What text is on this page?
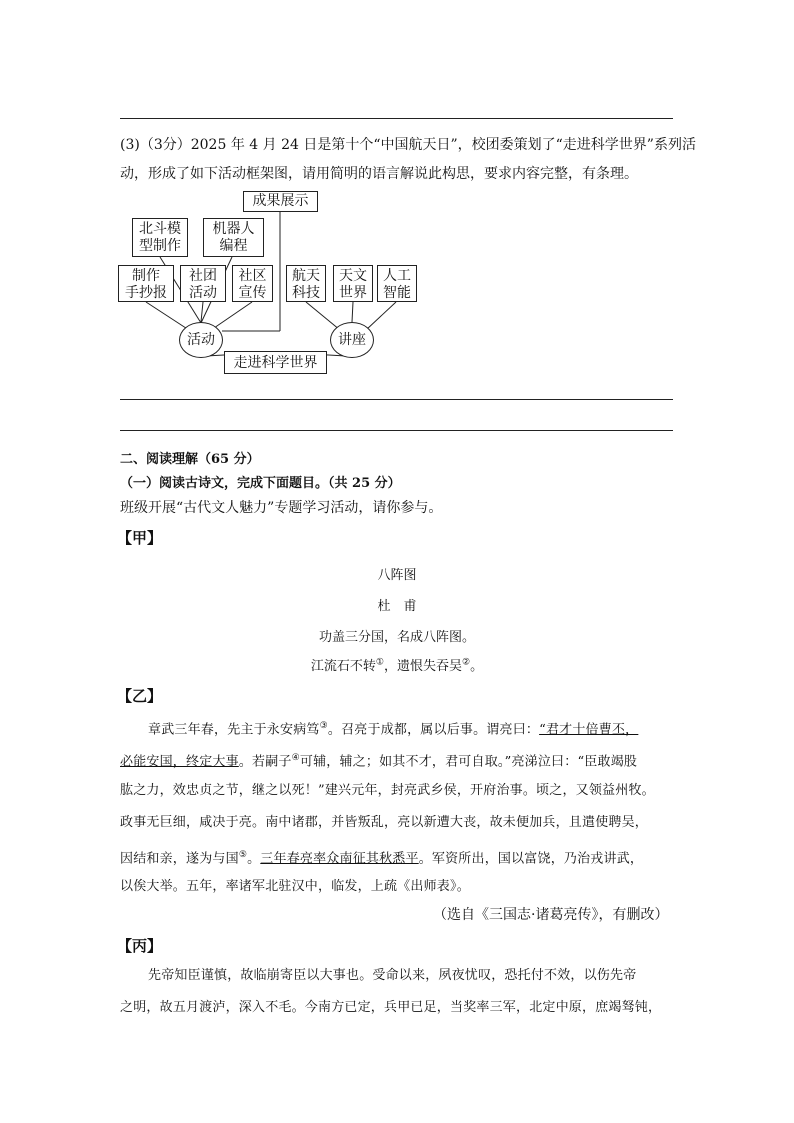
(3)（3分）2025 年 4 月 24 日是第十个“中国航天日”，校团委策划了“走进科学世界”系列活
动，形成了如下活动框架图，请用简明的语言解说此构思，要求内容完整，有条理。
成果展示
北斗模
型制作
机器人
编程
制作
手抄报
社团
活动
社区
宣传
航天
科技
天文
世界
人工
智能
活动	讲座
走进科学世界
二、阅读理解（65 分）
（一）阅读古诗文，完成下面题目。（共 25 分）
班级开展“古代文人魅力”专题学习活动，请你参与。
【甲】
八阵图
杜　甫
功盖三分国，名成八阵图。
江流石不转①，遗恨失吞吴②。
【乙】
章武三年春，先主于永安病笃③。召亮于成都，属以后事。谓亮曰：“君才十倍曹丕，
必能安国，终定大事。若嗣子④可辅，辅之；如其不才，君可自取。”亮涕泣曰：“臣敢竭股
肱之力，效忠贞之节，继之以死！”建兴元年，封亮武乡侯，开府治事。顷之，又领益州牧。
政事无巨细，咸决于亮。南中诸郡，并皆叛乱，亮以新遭大丧，故未便加兵，且遣使聘吴，
因结和亲，遂为与国⑤。三年春亮率众南征其秋悉平。军资所出，国以富饶，乃治戎讲武，
以俟大举。五年，率诸军北驻汉中，临发，上疏《出师表》。
（选自《三国志·诸葛亮传》，有删改）
【丙】
先帝知臣谨慎，故临崩寄臣以大事也。受命以来，夙夜忧叹，恐托付不效，以伤先帝
之明，故五月渡泸，深入不毛。今南方已定，兵甲已足，当奖率三军，北定中原，庶竭驽钝，
